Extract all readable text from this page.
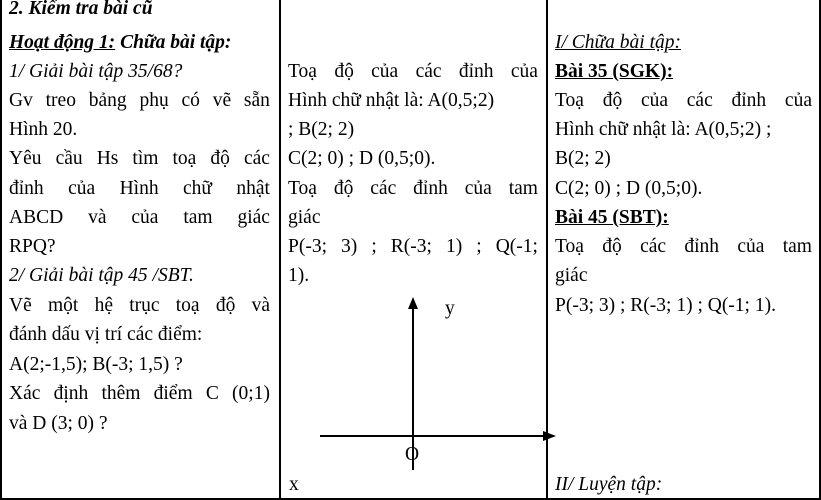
2. Kiểm tra bài cũ
Hoạt động 1: Chữa bài tập:
1/ Giải bài tập 35/68?
Gv treo bảng phụ có vẽ sẵn
Hình 20.
Yêu cầu Hs tìm toạ độ các
đỉnh của Hình chữ nhật
ABCD và của tam giác
RPQ?
2/ Giải bài tập 45 /SBT.
Vẽ một hệ trục toạ độ và
đánh dấu vị trí các điểm:
A(2;-1,5); B(-3; 1,5) ?
Xác định thêm điểm C (0;1)
và D (3; 0) ?
Toạ độ của các đỉnh của
Hình chữ nhật là: A(0,5;2)
; B(2; 2)
C(2; 0) ; D (0,5;0).
Toạ độ các đỉnh của tam
giác
P(-3; 3) ; R(-3; 1) ; Q(-1;
1).
y
O
x
I/ Chữa bài tập:
Bài 35 (SGK):
Toạ độ của các đỉnh của
Hình chữ nhật là: A(0,5;2) ;
B(2; 2)
C(2; 0) ; D (0,5;0).
Bài 45 (SBT):
Toạ độ các đỉnh của tam
giác
P(-3; 3) ; R(-3; 1) ; Q(-1; 1).
II/ Luyện tập:
